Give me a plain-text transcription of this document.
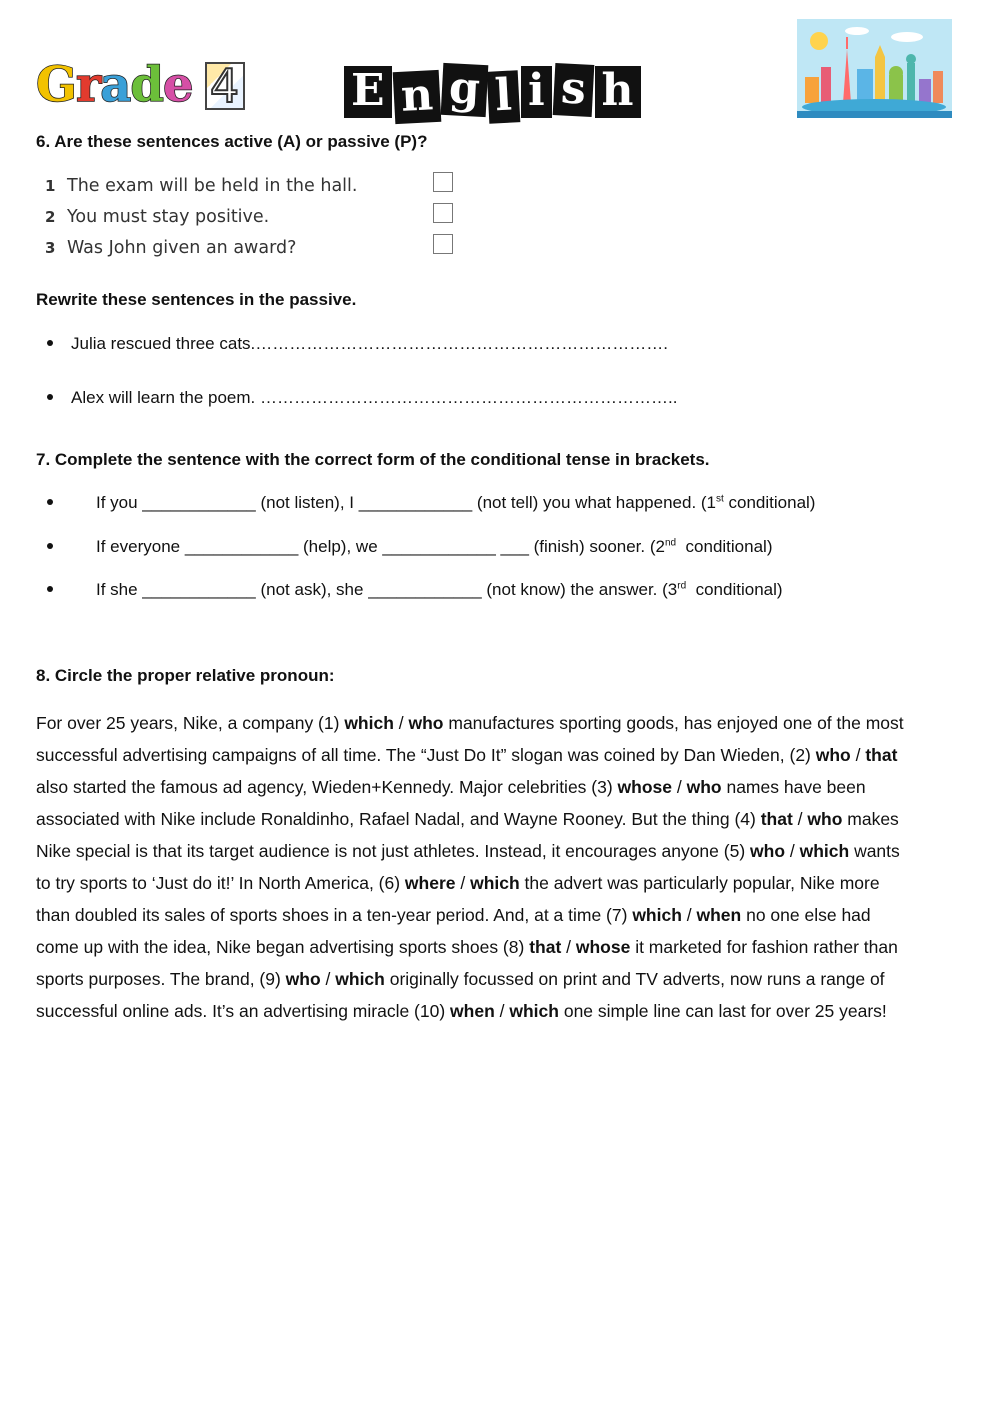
G r a d e 4	E n g l i s h
6. Are these sentences active (A) or passive (P)?
1 The exam will be held in the hall.
2 You must stay positive.
3 Was John given an award?
Rewrite these sentences in the passive.
Julia rescued three cats.……………………………………………………………….
Alex will learn the poem. ………………………………………………………………..
7. Complete the sentence with the correct form of the conditional tense in brackets.
If you ____________ (not listen), I ____________ (not tell) you what happened. (1st conditional)
If everyone ____________ (help), we ____________ ___ (finish) sooner. (2nd  conditional)
If she ____________ (not ask), she ____________ (not know) the answer. (3rd  conditional)
8. Circle the proper relative pronoun:
For over 25 years, Nike, a company (1) which / who manufactures sporting goods, has enjoyed one of the most
successful advertising campaigns of all time. The “Just Do It” slogan was coined by Dan Wieden, (2) who / that
also started the famous ad agency, Wieden+Kennedy. Major celebrities (3) whose / who names have been
associated with Nike include Ronaldinho, Rafael Nadal, and Wayne Rooney. But the thing (4) that / who makes
Nike special is that its target audience is not just athletes. Instead, it encourages anyone (5) who / which wants
to try sports to ‘Just do it!’ In North America, (6) where / which the advert was particularly popular, Nike more
than doubled its sales of sports shoes in a ten-year period. And, at a time (7) which / when no one else had
come up with the idea, Nike began advertising sports shoes (8) that / whose it marketed for fashion rather than
sports purposes. The brand, (9) who / which originally focussed on print and TV adverts, now runs a range of
successful online ads. It’s an advertising miracle (10) when / which one simple line can last for over 25 years!
